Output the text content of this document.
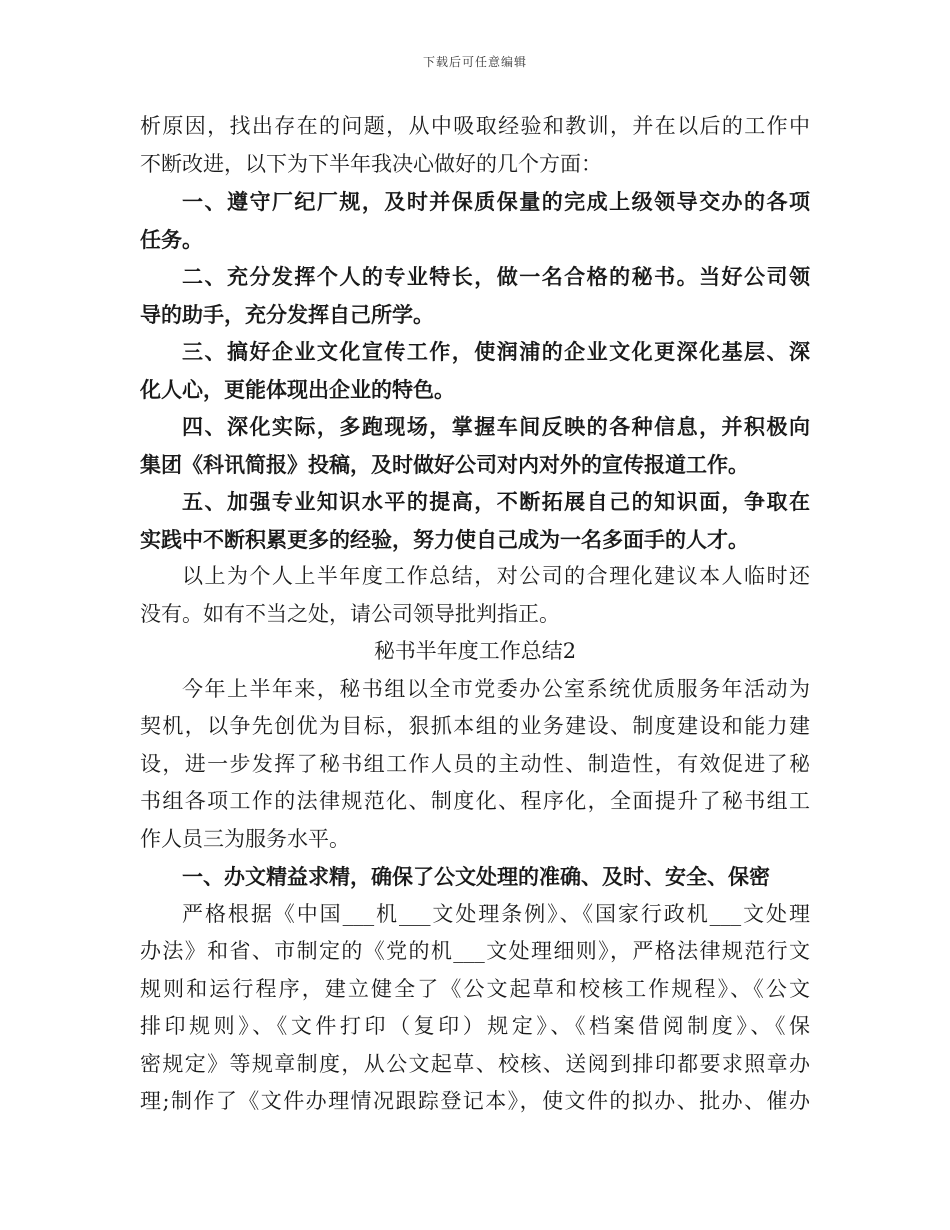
下载后可任意编辑
析原因，找出存在的问题，从中吸取经验和教训，并在以后的工作中
不断改进，以下为下半年我决心做好的几个方面：
一、遵守厂纪厂规，及时并保质保量的完成上级领导交办的各项
任务。
二、充分发挥个人的专业特长，做一名合格的秘书。当好公司领
导的助手，充分发挥自己所学。
三、搞好企业文化宣传工作，使润浦的企业文化更深化基层、深
化人心，更能体现出企业的特色。
四、深化实际，多跑现场，掌握车间反映的各种信息，并积极向
集团《科讯简报》投稿，及时做好公司对内对外的宣传报道工作。
五、加强专业知识水平的提高，不断拓展自己的知识面，争取在
实践中不断积累更多的经验，努力使自己成为一名多面手的人才。
以上为个人上半年度工作总结，对公司的合理化建议本人临时还
没有。如有不当之处，请公司领导批判指正。
秘书半年度工作总结2
今年上半年来，秘书组以全市党委办公室系统优质服务年活动为
契机，以争先创优为目标，狠抓本组的业务建设、制度建设和能力建
设，进一步发挥了秘书组工作人员的主动性、制造性，有效促进了秘
书组各项工作的法律规范化、制度化、程序化，全面提升了秘书组工
作人员三为服务水平。
一、办文精益求精，确保了公文处理的准确、及时、安全、保密
严格根据《中国___机___文处理条例》、《国家行政机___文处理
办法》和省、市制定的《党的机___文处理细则》，严格法律规范行文
规则和运行程序，建立健全了《公文起草和校核工作规程》、《公文
排印规则》、《文件打印（复印）规定》、《档案借阅制度》、《保
密规定》等规章制度，从公文起草、校核、送阅到排印都要求照章办
理;制作了《文件办理情况跟踪登记本》，使文件的拟办、批办、催办
